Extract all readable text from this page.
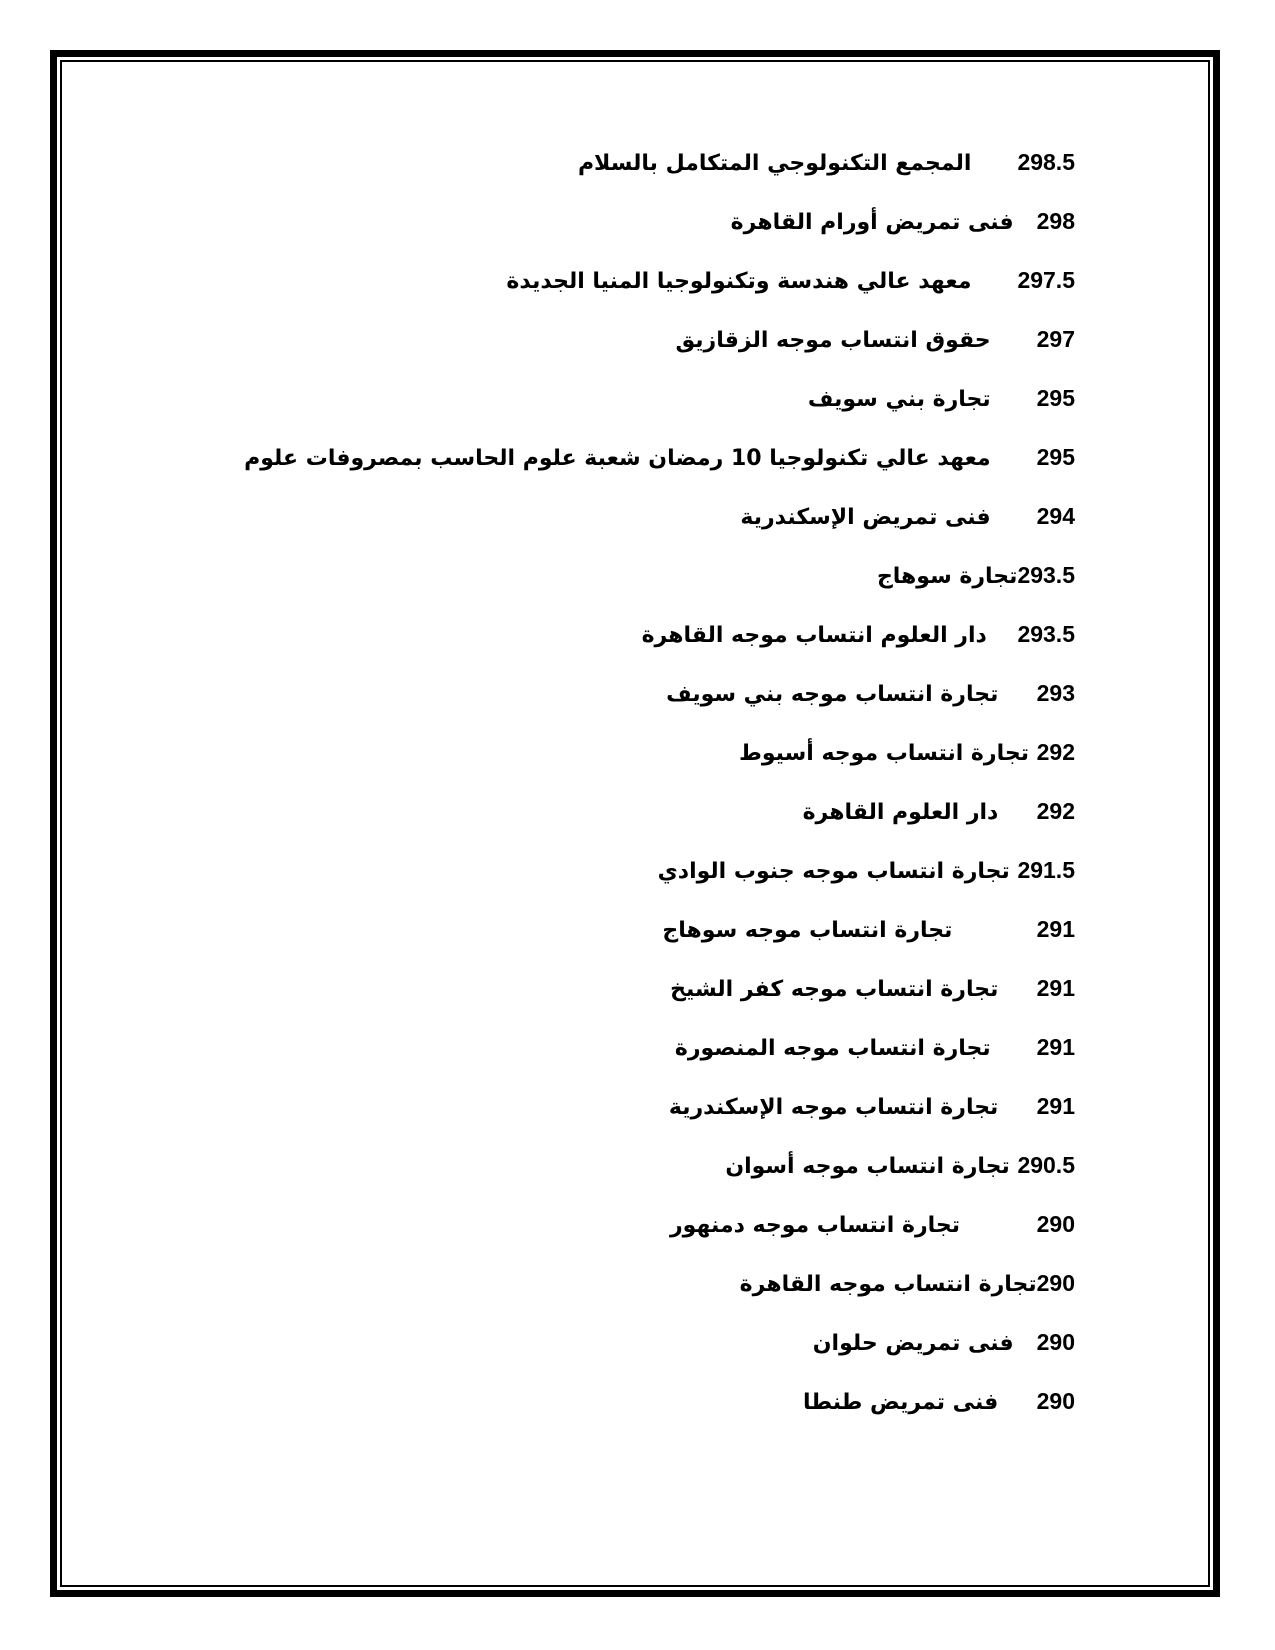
المجمع التكنولوجي المتكامل بالسلام 298.5
فنى تمريض أورام القاهرة 298
معهد عالي هندسة وتكنولوجيا المنيا الجديدة 297.5
حقوق انتساب موجه الزقازيق 297
تجارة بني سويف 295
معهد عالي تكنولوجيا 10 رمضان شعبة علوم الحاسب بمصروفات علوم 295
فنى تمريض الإسكندرية 294
تجارة سوهاج293.5
دار العلوم انتساب موجه القاهرة 293.5
تجارة انتساب موجه بني سويف 293
تجارة انتساب موجه أسيوط 292
دار العلوم القاهرة 292
تجارة انتساب موجه جنوب الوادي 291.5
تجارة انتساب موجه سوهاج	291
تجارة انتساب موجه كفر الشيخ 291
تجارة انتساب موجه المنصورة 291
تجارة انتساب موجه الإسكندرية 291
تجارة انتساب موجه أسوان 290.5
تجارة انتساب موجه دمنهور	290
تجارة انتساب موجه القاهرة290
فنى تمريض حلوان 290
فنى تمريض طنطا 290
